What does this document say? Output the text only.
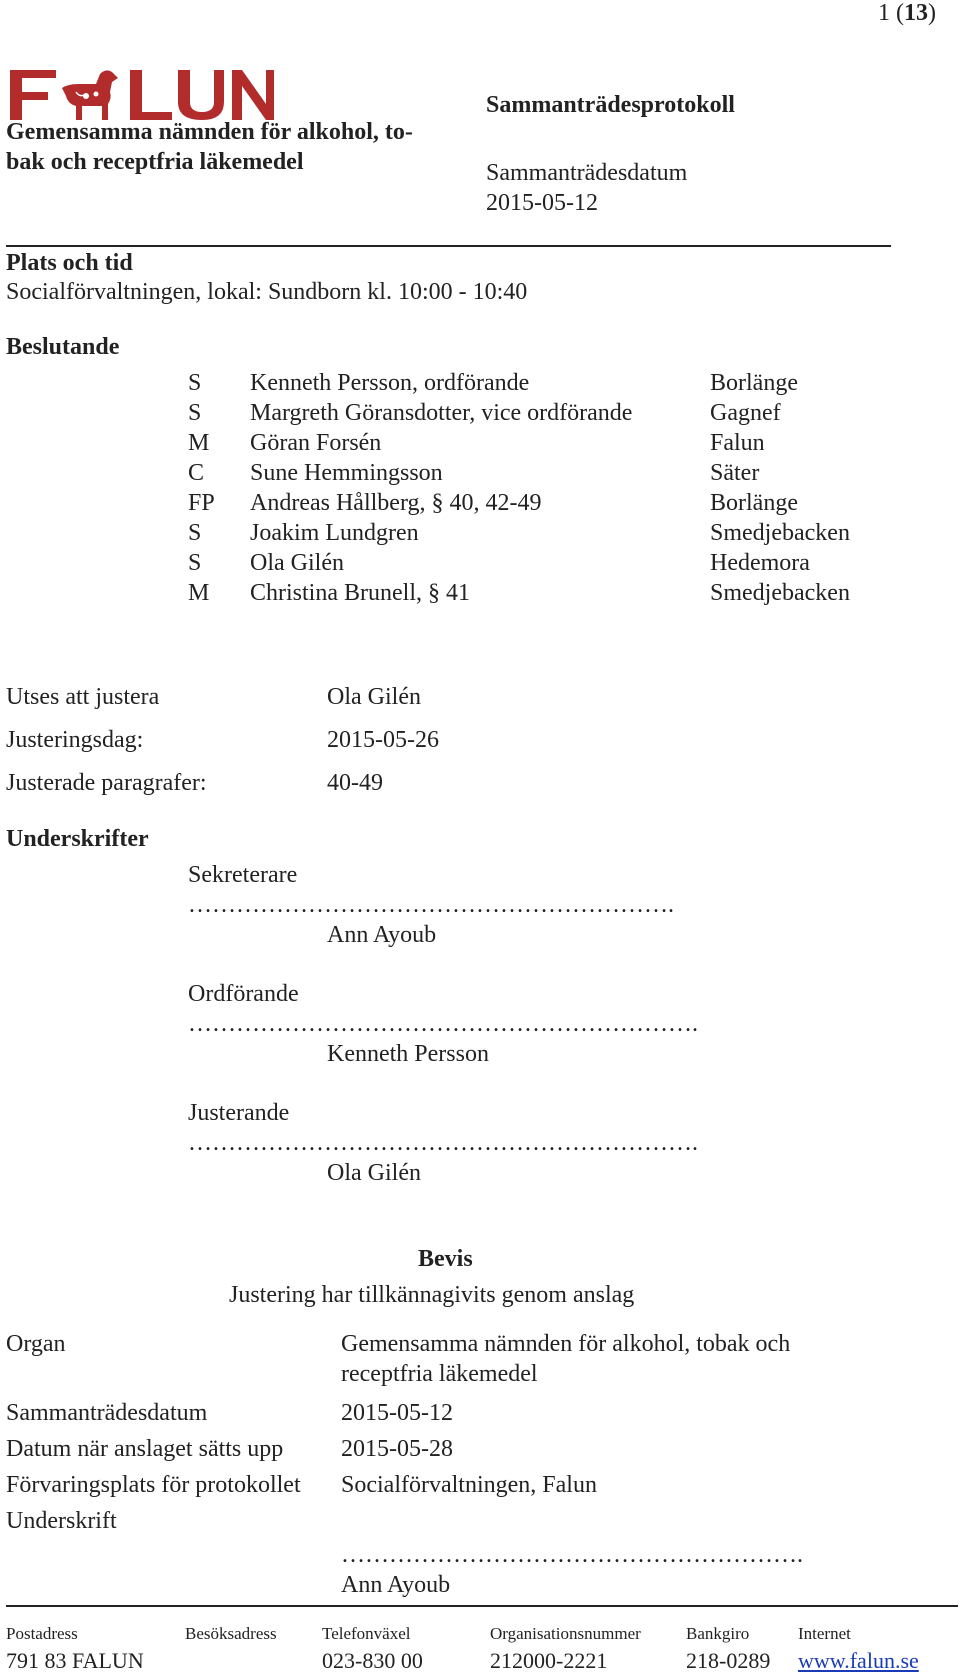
1 (13)
Gemensamma nämnden för alkohol, to-
bak och receptfria läkemedel
Sammanträdesprotokoll
Sammanträdesdatum
2015-05-12
Plats och tid
Socialförvaltningen, lokal: Sundborn kl. 10:00 - 10:40
Beslutande
S Kenneth Persson, ordförande	Borlänge
S Margreth Göransdotter, vice ordförande	Gagnef
M Göran Forsén	Falun
C Sune Hemmingsson	Säter
FP Andreas Hållberg, § 40, 42-49	Borlänge
S Joakim Lundgren	Smedjebacken
S Ola Gilén	Hedemora
M Christina Brunell, § 41	Smedjebacken
Utses att justera	Ola Gilén
Justeringsdag:	2015-05-26
Justerade paragrafer:	40-49
Underskrifter
Sekreterare
…………………………………………………….
Ann Ayoub
Ordförande
……………………………………………………….
Kenneth Persson
Justerande
……………………………………………………….
Ola Gilén
Bevis
Justering har tillkännagivits genom anslag
Organ	Gemensamma nämnden för alkohol, tobak och
receptfria läkemedel
Sammanträdesdatum	2015-05-12
Datum när anslaget sätts upp 2015-05-28
Förvaringsplats för protokollet Socialförvaltningen, Falun
Underskrift
………………………………………………….
Ann Ayoub
Postadress
791 83 FALUN
Besöksadress	Telefonväxel
023-830 00
Organisationsnummer
212000-2221
Bankgiro
218-0289
Internet
www.falun.se
